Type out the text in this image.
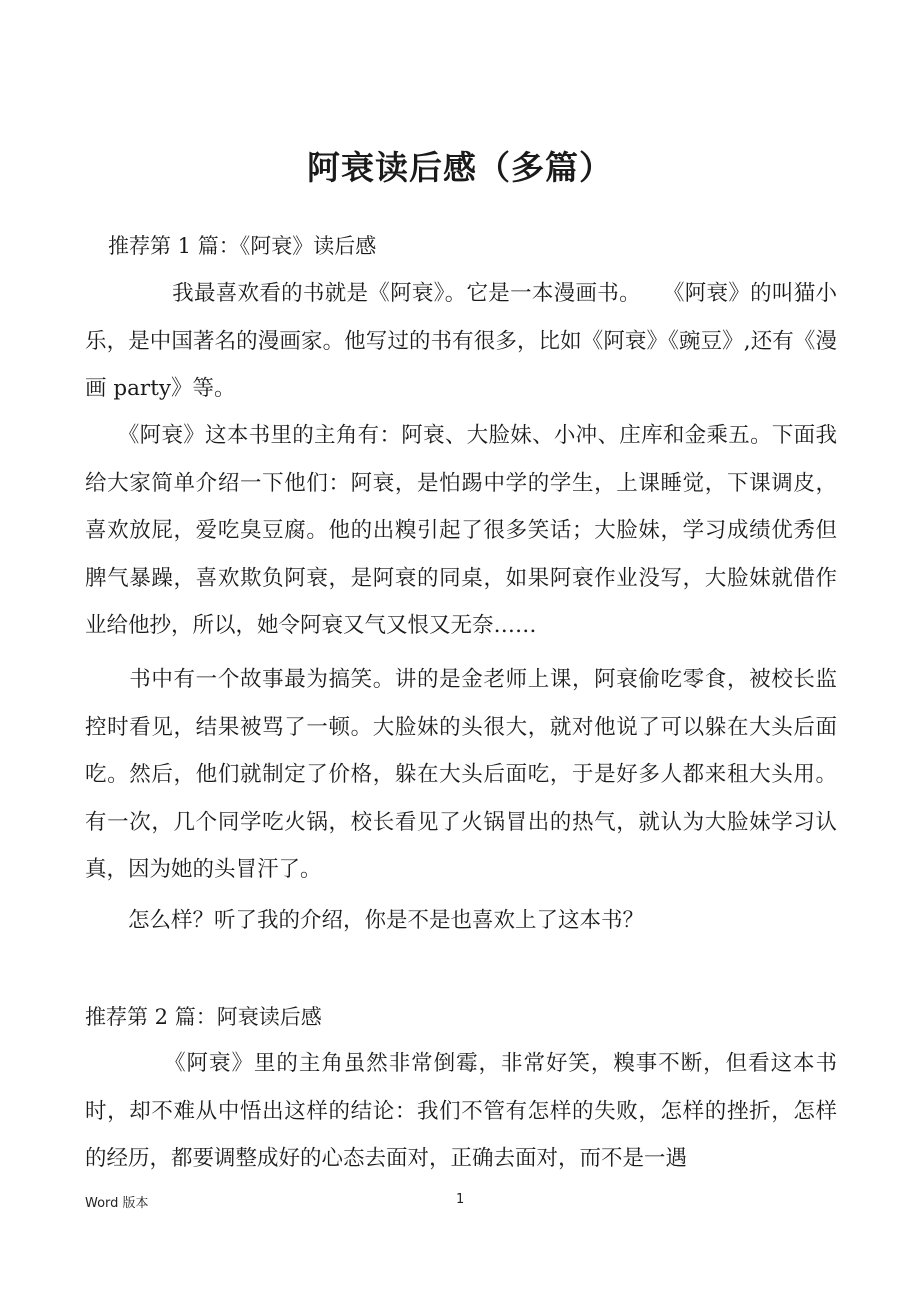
阿衰读后感（多篇）
推荐第 1 篇：《阿衰》读后感
　　　　我最喜欢看的书就是《阿衰》。它是一本漫画书。　　《阿衰》的叫猫小乐，是中国著名的漫画家。他写过的书有很多，比如《阿衰》《豌豆》,还有《漫画 party》等。
　　《阿衰》这本书里的主角有：阿衰、大脸妹、小冲、庄库和金乘五。下面我给大家简单介绍一下他们：阿衰，是怕踢中学的学生，上课睡觉，下课调皮，喜欢放屁，爱吃臭豆腐。他的出糗引起了很多笑话；大脸妹，学习成绩优秀但脾气暴躁，喜欢欺负阿衰，是阿衰的同桌，如果阿衰作业没写，大脸妹就借作业给他抄，所以，她令阿衰又气又恨又无奈……
　　书中有一个故事最为搞笑。讲的是金老师上课，阿衰偷吃零食，被校长监控时看见，结果被骂了一顿。大脸妹的头很大，就对他说了可以躲在大头后面吃。然后，他们就制定了价格，躲在大头后面吃，于是好多人都来租大头用。有一次，几个同学吃火锅，校长看见了火锅冒出的热气，就认为大脸妹学习认真，因为她的头冒汗了。
　　怎么样？听了我的介绍，你是不是也喜欢上了这本书？
推荐第 2 篇：阿衰读后感
　　　　《阿衰》里的主角虽然非常倒霉，非常好笑，糗事不断，但看这本书时，却不难从中悟出这样的结论：我们不管有怎样的失败，怎样的挫折，怎样的经历，都要调整成好的心态去面对，正确去面对，而不是一遇
Word 版本	1
